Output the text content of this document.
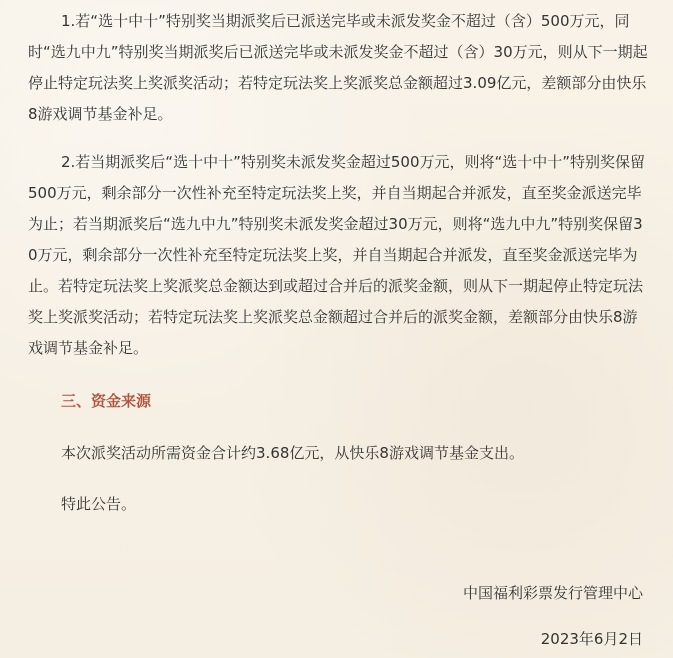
1.若“选十中十”特别奖当期派奖后已派送完毕或未派发奖金不超过（含）500万元，同时“选九中九”特别奖当期派奖后已派送完毕或未派发奖金不超过（含）30万元，则从下一期起停止特定玩法奖上奖派奖活动；若特定玩法奖上奖派奖总金额超过3.09亿元，差额部分由快乐8游戏调节基金补足。

2.若当期派奖后“选十中十”特别奖未派发奖金超过500万元，则将“选十中十”特别奖保留500万元，剩余部分一次性补充至特定玩法奖上奖，并自当期起合并派发，直至奖金派送完毕为止；若当期派奖后“选九中九”特别奖未派发奖金超过30万元，则将“选九中九”特别奖保留30万元，剩余部分一次性补充至特定玩法奖上奖，并自当期起合并派发，直至奖金派送完毕为止。若特定玩法奖上奖派奖总金额达到或超过合并后的派奖金额，则从下一期起停止特定玩法奖上奖派奖活动；若特定玩法奖上奖派奖总金额超过合并后的派奖金额，差额部分由快乐8游戏调节基金补足。

三、资金来源

本次派奖活动所需资金合计约3.68亿元，从快乐8游戏调节基金支出。

特此公告。

中国福利彩票发行管理中心
2023年6月2日
